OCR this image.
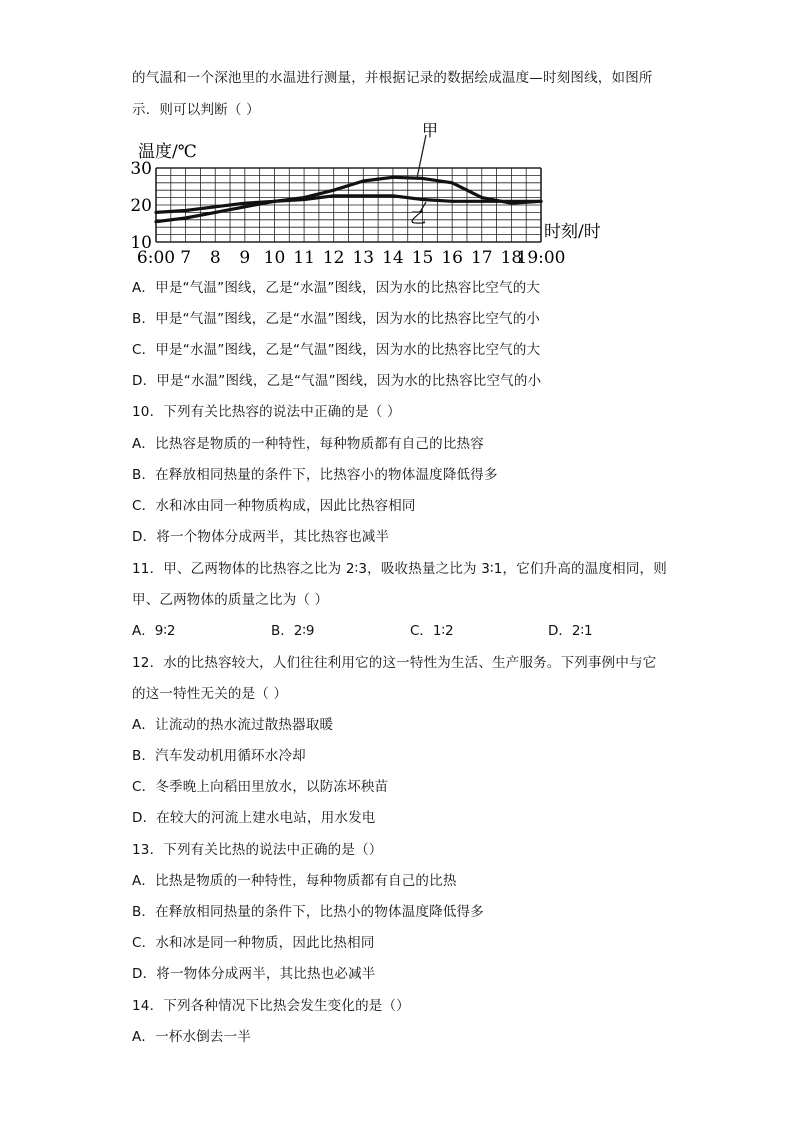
的气温和一个深池里的水温进行测量，并根据记录的数据绘成温度—时刻图线，如图所
示．则可以判断（ ）
6:00 7 8 9 10 11 12 13 14 15 16 17 18
19:00
30
20
10
温度/℃
时刻/时
甲
乙
A．甲是“气温”图线，乙是“水温”图线，因为水的比热容比空气的大
B．甲是“气温”图线，乙是“水温”图线，因为水的比热容比空气的小
C．甲是“水温”图线，乙是“气温”图线，因为水的比热容比空气的大
D．甲是“水温”图线，乙是“气温”图线，因为水的比热容比空气的小
10．下列有关比热容的说法中正确的是（ ）
A．比热容是物质的一种特性，每种物质都有自己的比热容
B．在释放相同热量的条件下，比热容小的物体温度降低得多
C．水和冰由同一种物质构成，因此比热容相同
D．将一个物体分成两半，其比热容也减半
11．甲、乙两物体的比热容之比为 2∶3，吸收热量之比为 3∶1，它们升高的温度相同，则
甲、乙两物体的质量之比为（ ）
A．9∶2	B．2∶9	C．1∶2	D．2∶1
12．水的比热容较大，人们往往利用它的这一特性为生活、生产服务。下列事例中与它
的这一特性无关的是（ ）
A．让流动的热水流过散热器取暖
B．汽车发动机用循环水冷却
C．冬季晚上向稻田里放水，以防冻坏秧苗
D．在较大的河流上建水电站，用水发电
13．下列有关比热的说法中正确的是（）
A．比热是物质的一种特性，每种物质都有自己的比热
B．在释放相同热量的条件下，比热小的物体温度降低得多
C．水和冰是同一种物质，因此比热相同
D．将一物体分成两半，其比热也必减半
14．下列各种情况下比热会发生变化的是（）
A．一杯水倒去一半
